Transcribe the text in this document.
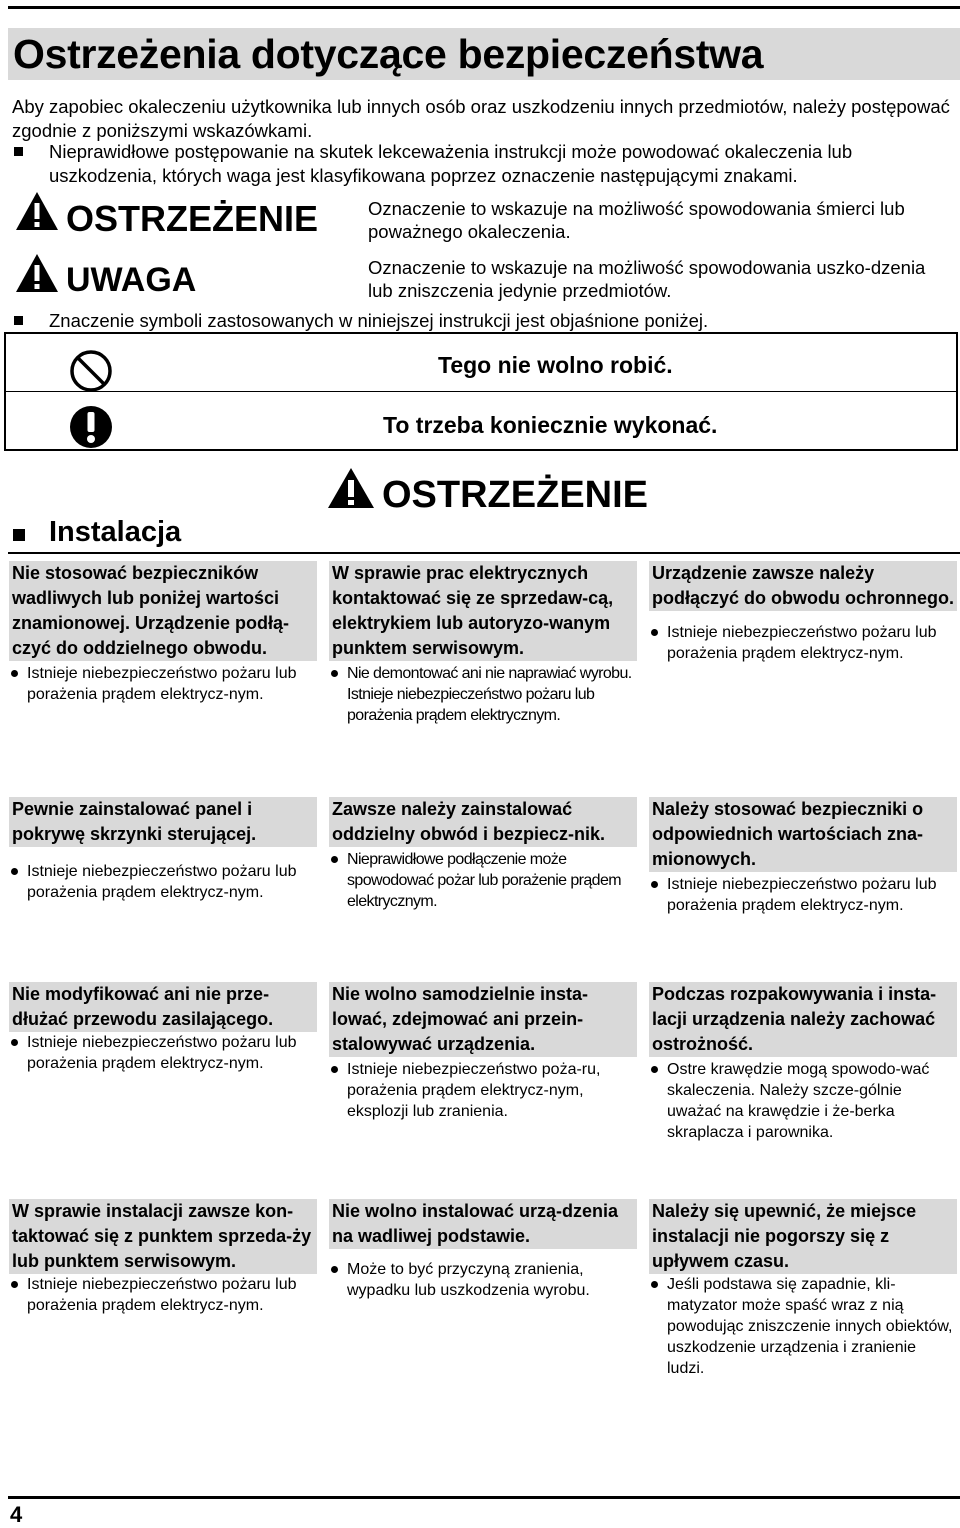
Ostrzeżenia dotyczące bezpieczeństwa

Aby zapobiec okaleczeniu użytkownika lub innych osób oraz uszkodzeniu innych przedmiotów, należy postępować zgodnie z poniższymi wskazówkami.

Nieprawidłowe postępowanie na skutek lekceważenia instrukcji może powodować okaleczenia lub uszkodzenia, których waga jest klasyfikowana poprzez oznaczenie następującymi znakami.

OSTRZEŻENIE	Oznaczenie to wskazuje na możliwość spowodowania śmierci lub poważnego okaleczenia.

UWAGA	Oznaczenie to wskazuje na możliwość spowodowania uszko-dzenia lub zniszczenia jedynie przedmiotów.

Znaczenie symboli zastosowanych w niniejszej instrukcji jest objaśnione poniżej.

Tego nie wolno robić.
To trzeba koniecznie wykonać.
Instalacja
OSTRZEŻENIE
Nie stosować bezpieczników wadliwych lub poniżej wartości znamionowej. Urządzenie podłą-czyć do oddzielnego obwodu.
Istnieje niebezpieczeństwo pożaru lub porażenia prądem elektrycz-nym.
W sprawie prac elektrycznych kontaktować się ze sprzedaw-cą, elektrykiem lub autoryzo-wanym punktem serwisowym.
Nie demontować ani nie naprawiać wyrobu. Istnieje niebezpieczeństwo pożaru lub porażenia prądem elektrycznym.
Urządzenie zawsze należy podłączyć do obwodu ochronnego.
Istnieje niebezpieczeństwo pożaru lub porażenia prądem elektrycz-nym.
Pewnie zainstalować panel i pokrywę skrzynki sterującej.
Istnieje niebezpieczeństwo pożaru lub porażenia prądem elektrycz-nym.
Zawsze należy zainstalować oddzielny obwód i bezpiecz-nik.
Nieprawidłowe podłączenie może spowodować pożar lub porażenie prądem elektrycznym.
Należy stosować bezpieczniki o odpowiednich wartościach zna-mionowych.
Istnieje niebezpieczeństwo pożaru lub porażenia prądem elektrycz-nym.
Nie modyfikować ani nie prze-dłużać przewodu zasilającego.
Istnieje niebezpieczeństwo pożaru lub porażenia prądem elektrycz-nym.
Nie wolno samodzielnie insta-lować, zdejmować ani przein-stalowywać urządzenia.
Istnieje niebezpieczeństwo poża-ru, porażenia prądem elektrycz-nym, eksplozji lub zranienia.
Podczas rozpakowywania i insta-lacji urządzenia należy zachować ostrożność.
Ostre krawędzie mogą spowodo-wać skaleczenia. Należy szcze-gólnie uważać na krawędzie i że-berka skraplacza i parownika.
W sprawie instalacji zawsze kon-taktować się z punktem sprzeda-ży lub punktem serwisowym.
Istnieje niebezpieczeństwo pożaru lub porażenia prądem elektrycz-nym.
Nie wolno instalować urzą-dzenia na wadliwej podstawie.
Może to być przyczyną zranienia, wypadku lub uszkodzenia wyrobu.
Należy się upewnić, że miejsce instalacji nie pogorszy się z upływem czasu.
Jeśli podstawa się zapadnie, kli-matyzator może spaść wraz z nią powodując zniszczenie innych obiektów, uszkodzenie urządzenia i zranienie ludzi.
4
